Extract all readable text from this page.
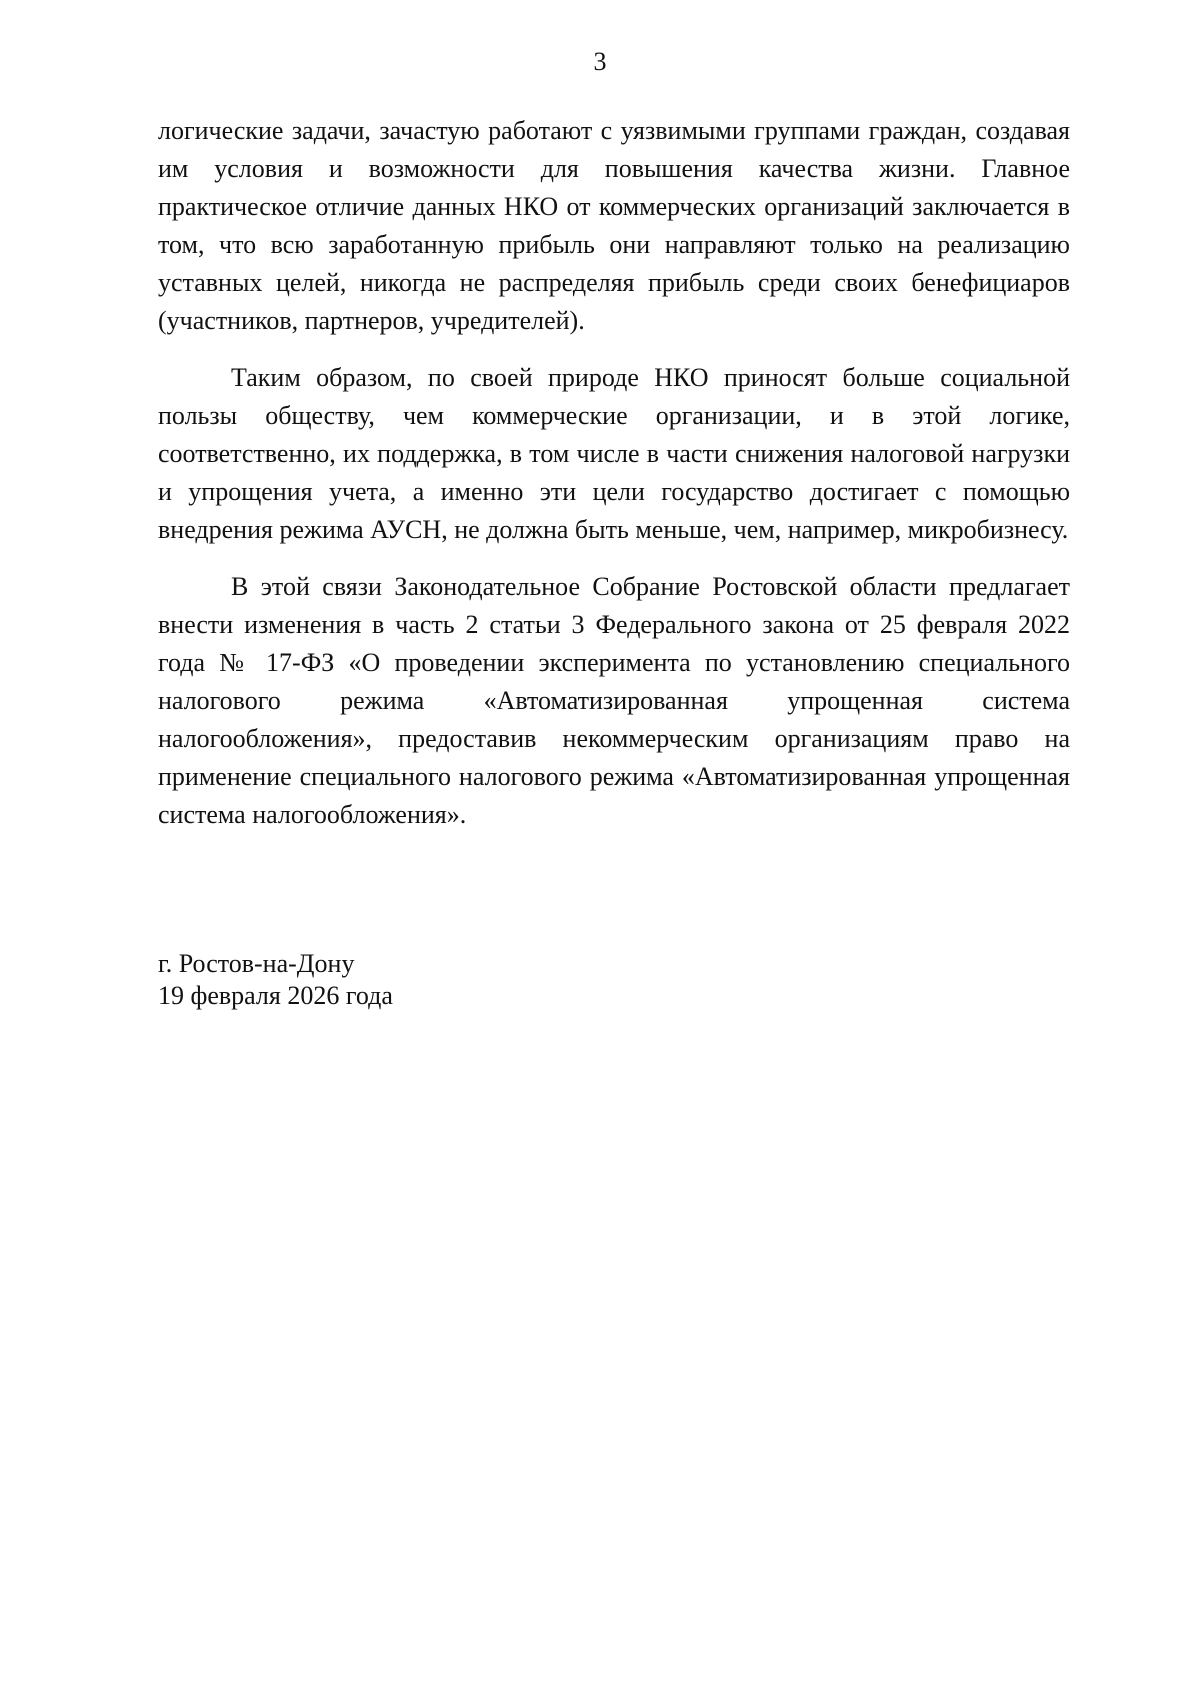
3

логические задачи, зачастую работают с уязвимыми группами граждан, создавая им условия и возможности для повышения качества жизни. Главное практическое отличие данных НКО от коммерческих организаций заключается в том, что всю заработанную прибыль они направляют только на реализацию уставных целей, никогда не распределяя прибыль среди своих бенефициаров (участников, партнеров, учредителей).

Таким образом, по своей природе НКО приносят больше социальной пользы обществу, чем коммерческие организации, и в этой логике, соответственно, их поддержка, в том числе в части снижения налоговой нагрузки и упрощения учета, а именно эти цели государство достигает с помощью внедрения режима АУСН, не должна быть меньше, чем, например, микробизнесу.

В этой связи Законодательное Собрание Ростовской области предлагает внести изменения в часть 2 статьи 3 Федерального закона от 25 февраля 2022 года № 17-ФЗ «О проведении эксперимента по установлению специального налогового режима «Автоматизированная упрощенная система налогообложения», предоставив некоммерческим организациям право на применение специального налогового режима «Автоматизированная упрощенная система налогообложения».

г. Ростов-на-Дону
19 февраля 2026 года
